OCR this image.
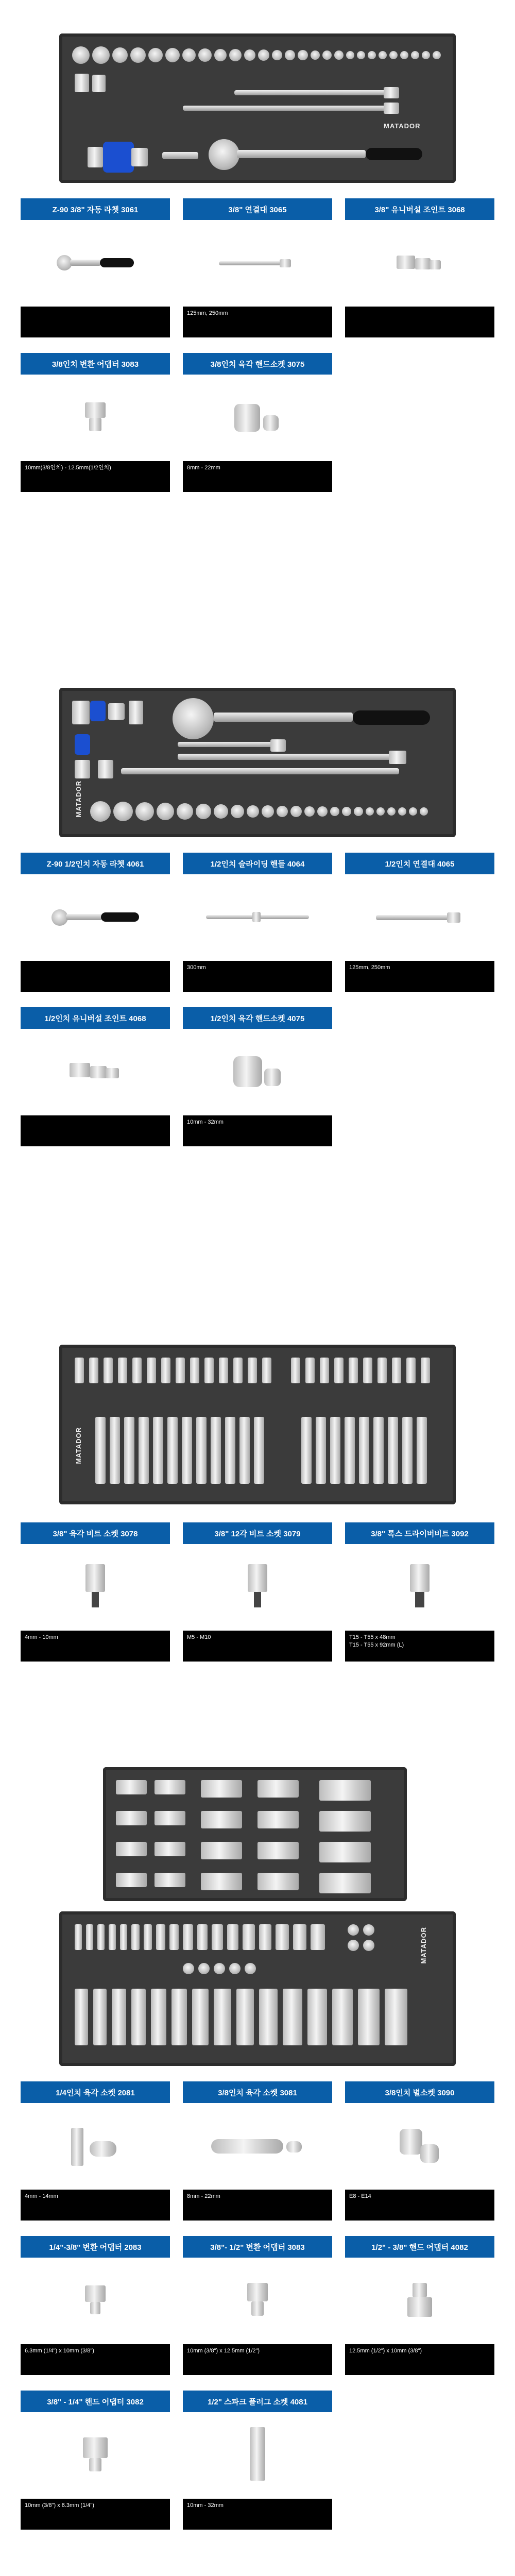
MATADOR
Z-90 3/8" 자동 라쳇 3061	3/8" 연결대 3065
125mm, 250mm
3/8" 유니버설 조인트 3068
3/8인치 변환 어댑터 3083
10mm(3/8인치) - 12.5mm(1/2인치)
3/8인치 육각 핸드소켓 3075
8mm - 22mm
MATADOR
Z-90 1/2인치 자동 라쳇 4061	1/2인치 슬라이딩 핸들 4064
300mm
1/2인치 연결대 4065
125mm, 250mm
1/2인치 유니버설 조인트 4068	1/2인치 육각 핸드소켓 4075
10mm - 32mm
MATADOR
3/8" 육각 비트 소켓 3078
4mm - 10mm
3/8" 12각 비트 소켓 3079
M5 - M10
3/8" 톡스 드라이버비트 3092
T15 - T55 x 48mm
T15 - T55 x 92mm (L)
MATADOR
1/4인치 육각 소켓 2081
4mm - 14mm
3/8인치 육각 소켓 3081
8mm - 22mm
3/8인치 별소켓 3090
E8 - E14
1/4"-3/8" 변환 어댑터 2083
6.3mm (1/4") x 10mm (3/8")
3/8"- 1/2" 변환 어댑터 3083
10mm (3/8") x 12.5mm (1/2")
1/2" - 3/8" 핸드 어댑터 4082
12.5mm (1/2") x 10mm (3/8")
3/8" - 1/4" 핸드 어댑터 3082
10mm (3/8") x 6.3mm (1/4")
1/2" 스파크 플러그 소켓 4081
10mm - 32mm
